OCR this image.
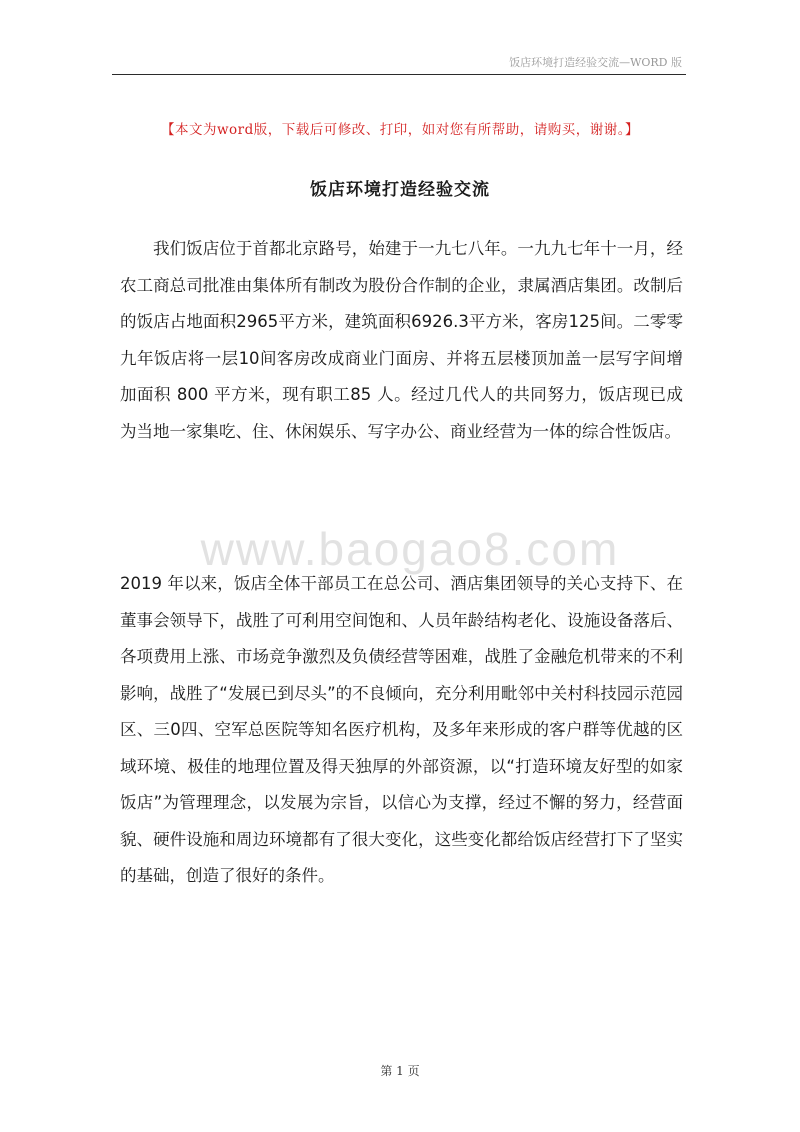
饭店环境打造经验交流—WORD 版
【本文为word版，下载后可修改、打印，如对您有所帮助，请购买，谢谢。】
饭店环境打造经验交流
我们饭店位于首都北京路号，始建于一九七八年。一九九七年十一月，经农工商总司批准由集体所有制改为股份合作制的企业，隶属酒店集团。改制后的饭店占地面积2965平方米，建筑面积6926.3平方米，客房125间。二零零九年饭店将一层10间客房改成商业门面房、并将五层楼顶加盖一层写字间增加面积 800 平方米，现有职工85 人。经过几代人的共同努力，饭店现已成为当地一家集吃、住、休闲娱乐、写字办公、商业经营为一体的综合性饭店。
www.baogao8.com
2019 年以来，饭店全体干部员工在总公司、酒店集团领导的关心支持下、在董事会领导下，战胜了可利用空间饱和、人员年龄结构老化、设施设备落后、各项费用上涨、市场竞争激烈及负债经营等困难，战胜了金融危机带来的不利影响，战胜了“发展已到尽头”的不良倾向，充分利用毗邻中关村科技园示范园区、三0四、空军总医院等知名医疗机构，及多年来形成的客户群等优越的区域环境、极佳的地理位置及得天独厚的外部资源，以“打造环境友好型的如家饭店”为管理理念，以发展为宗旨，以信心为支撑，经过不懈的努力，经营面貌、硬件设施和周边环境都有了很大变化，这些变化都给饭店经营打下了坚实的基础，创造了很好的条件。
第 1 页
